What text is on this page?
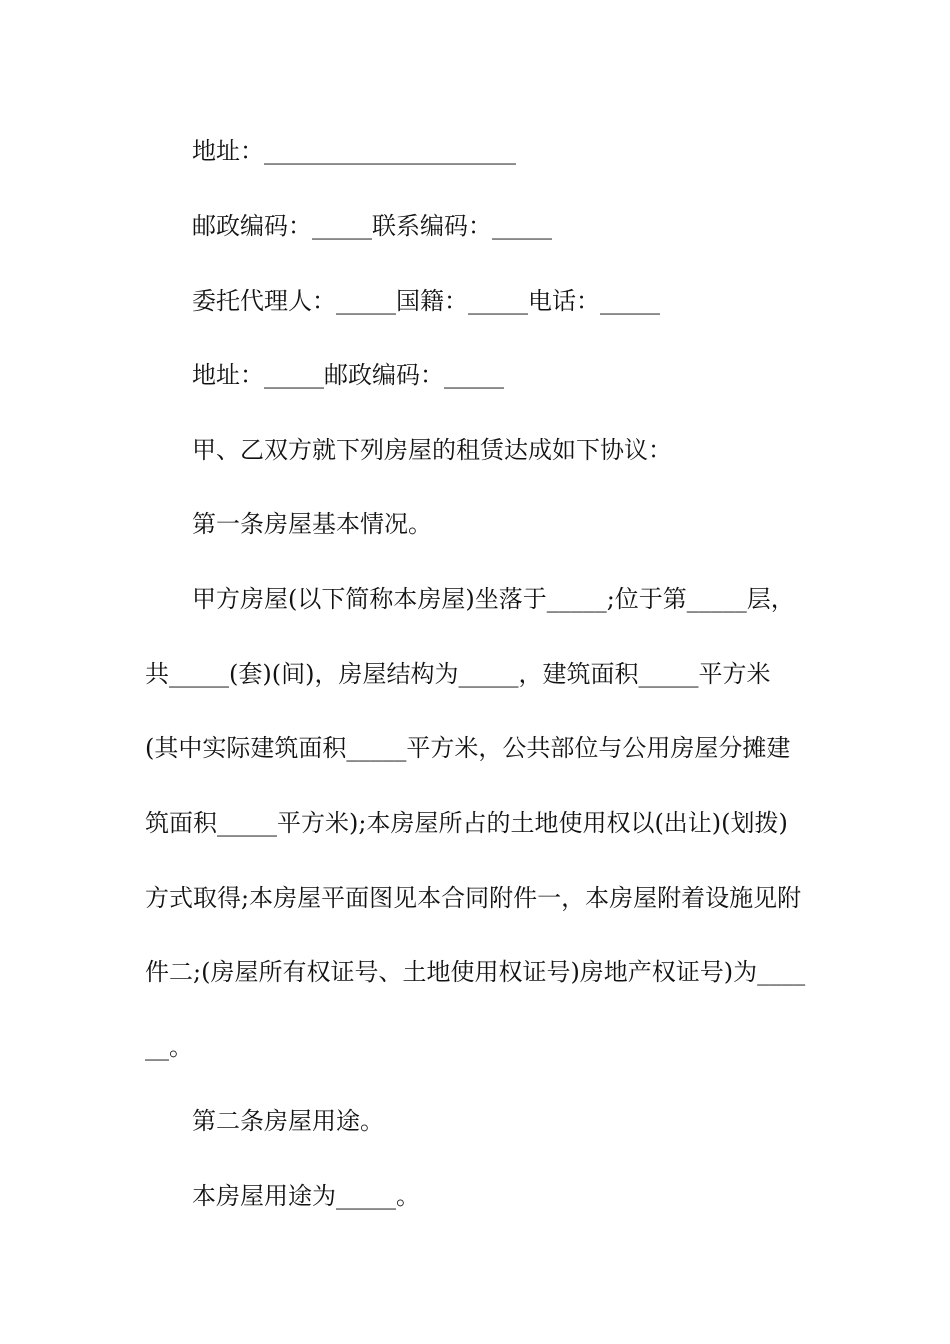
地址：_____________________

邮政编码：_____联系编码：_____

委托代理人：_____国籍：_____电话：_____

地址：_____邮政编码：_____

甲、乙双方就下列房屋的租赁达成如下协议：

第一条房屋基本情况。

甲方房屋(以下简称本房屋)坐落于_____;位于第_____层，

共_____(套)(间)，房屋结构为_____，建筑面积_____平方米

(其中实际建筑面积_____平方米，公共部位与公用房屋分摊建

筑面积_____平方米);本房屋所占的土地使用权以(出让)(划拨)

方式取得;本房屋平面图见本合同附件一，本房屋附着设施见附

件二;(房屋所有权证号、土地使用权证号)房地产权证号)为____

__。

第二条房屋用途。

本房屋用途为_____。
